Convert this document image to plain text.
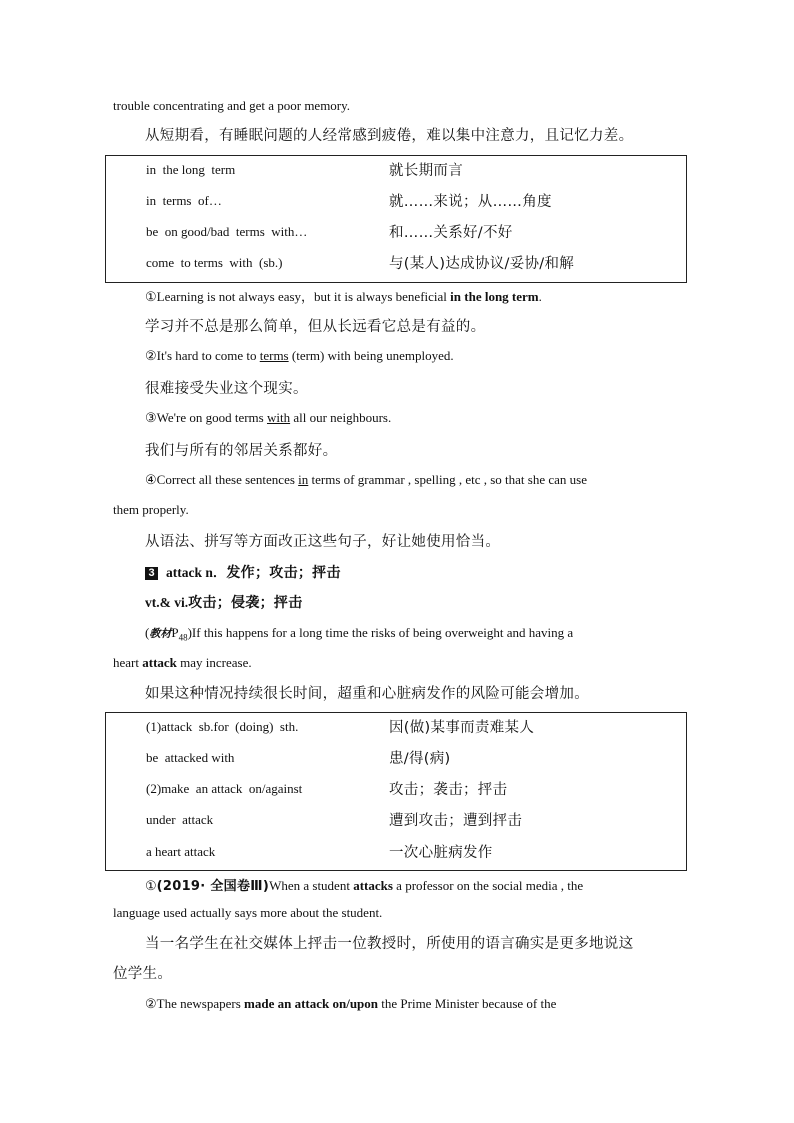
trouble concentrating and get a poor memory.
从短期看，有睡眠问题的人经常感到疲倦，难以集中注意力，且记忆力差。
in  the long  term	就长期而言
in  terms  of…	就……来说；从……角度
be  on good/bad  terms  with…	和……关系好/不好
come  to terms  with  (sb.)	与(某人)达成协议/妥协/和解
①Learning is not always easy，but it is always beneficial in the long term.
学习并不总是那么简单，但从长远看它总是有益的。
②It's hard to come to terms (term) with being unemployed.
很难接受失业这个现实。
③We're on good terms with all our neighbours.
我们与所有的邻居关系都好。
④Correct all these sentences in terms of grammar , spelling , etc , so that she can use
them properly.
从语法、拼写等方面改正这些句子，好让她使用恰当。
3 attack n．发作；攻击；抨击
vt.& vi.攻击；侵袭；抨击
(教材$P_{48})If$ this happens for a long time the risks of being overweight and having a
heart attack may increase.
如果这种情况持续很长时间，超重和心脏病发作的风险可能会增加。
(1)attack  sb.for  (doing)  sth.	因(做)某事而责难某人
be  attacked with	患/得(病)
(2)make  an attack  on/against	攻击；袭击；抨击
under  attack	遭到攻击；遭到抨击
a heart attack	一次心脏病发作
①(2019· 全国卷Ⅲ)When a student attacks a professor on the social media , the
language used actually says more about the student.
当一名学生在社交媒体上抨击一位教授时，所使用的语言确实是更多地说这
位学生。
②The newspapers made an attack on/upon the Prime Minister because of the
